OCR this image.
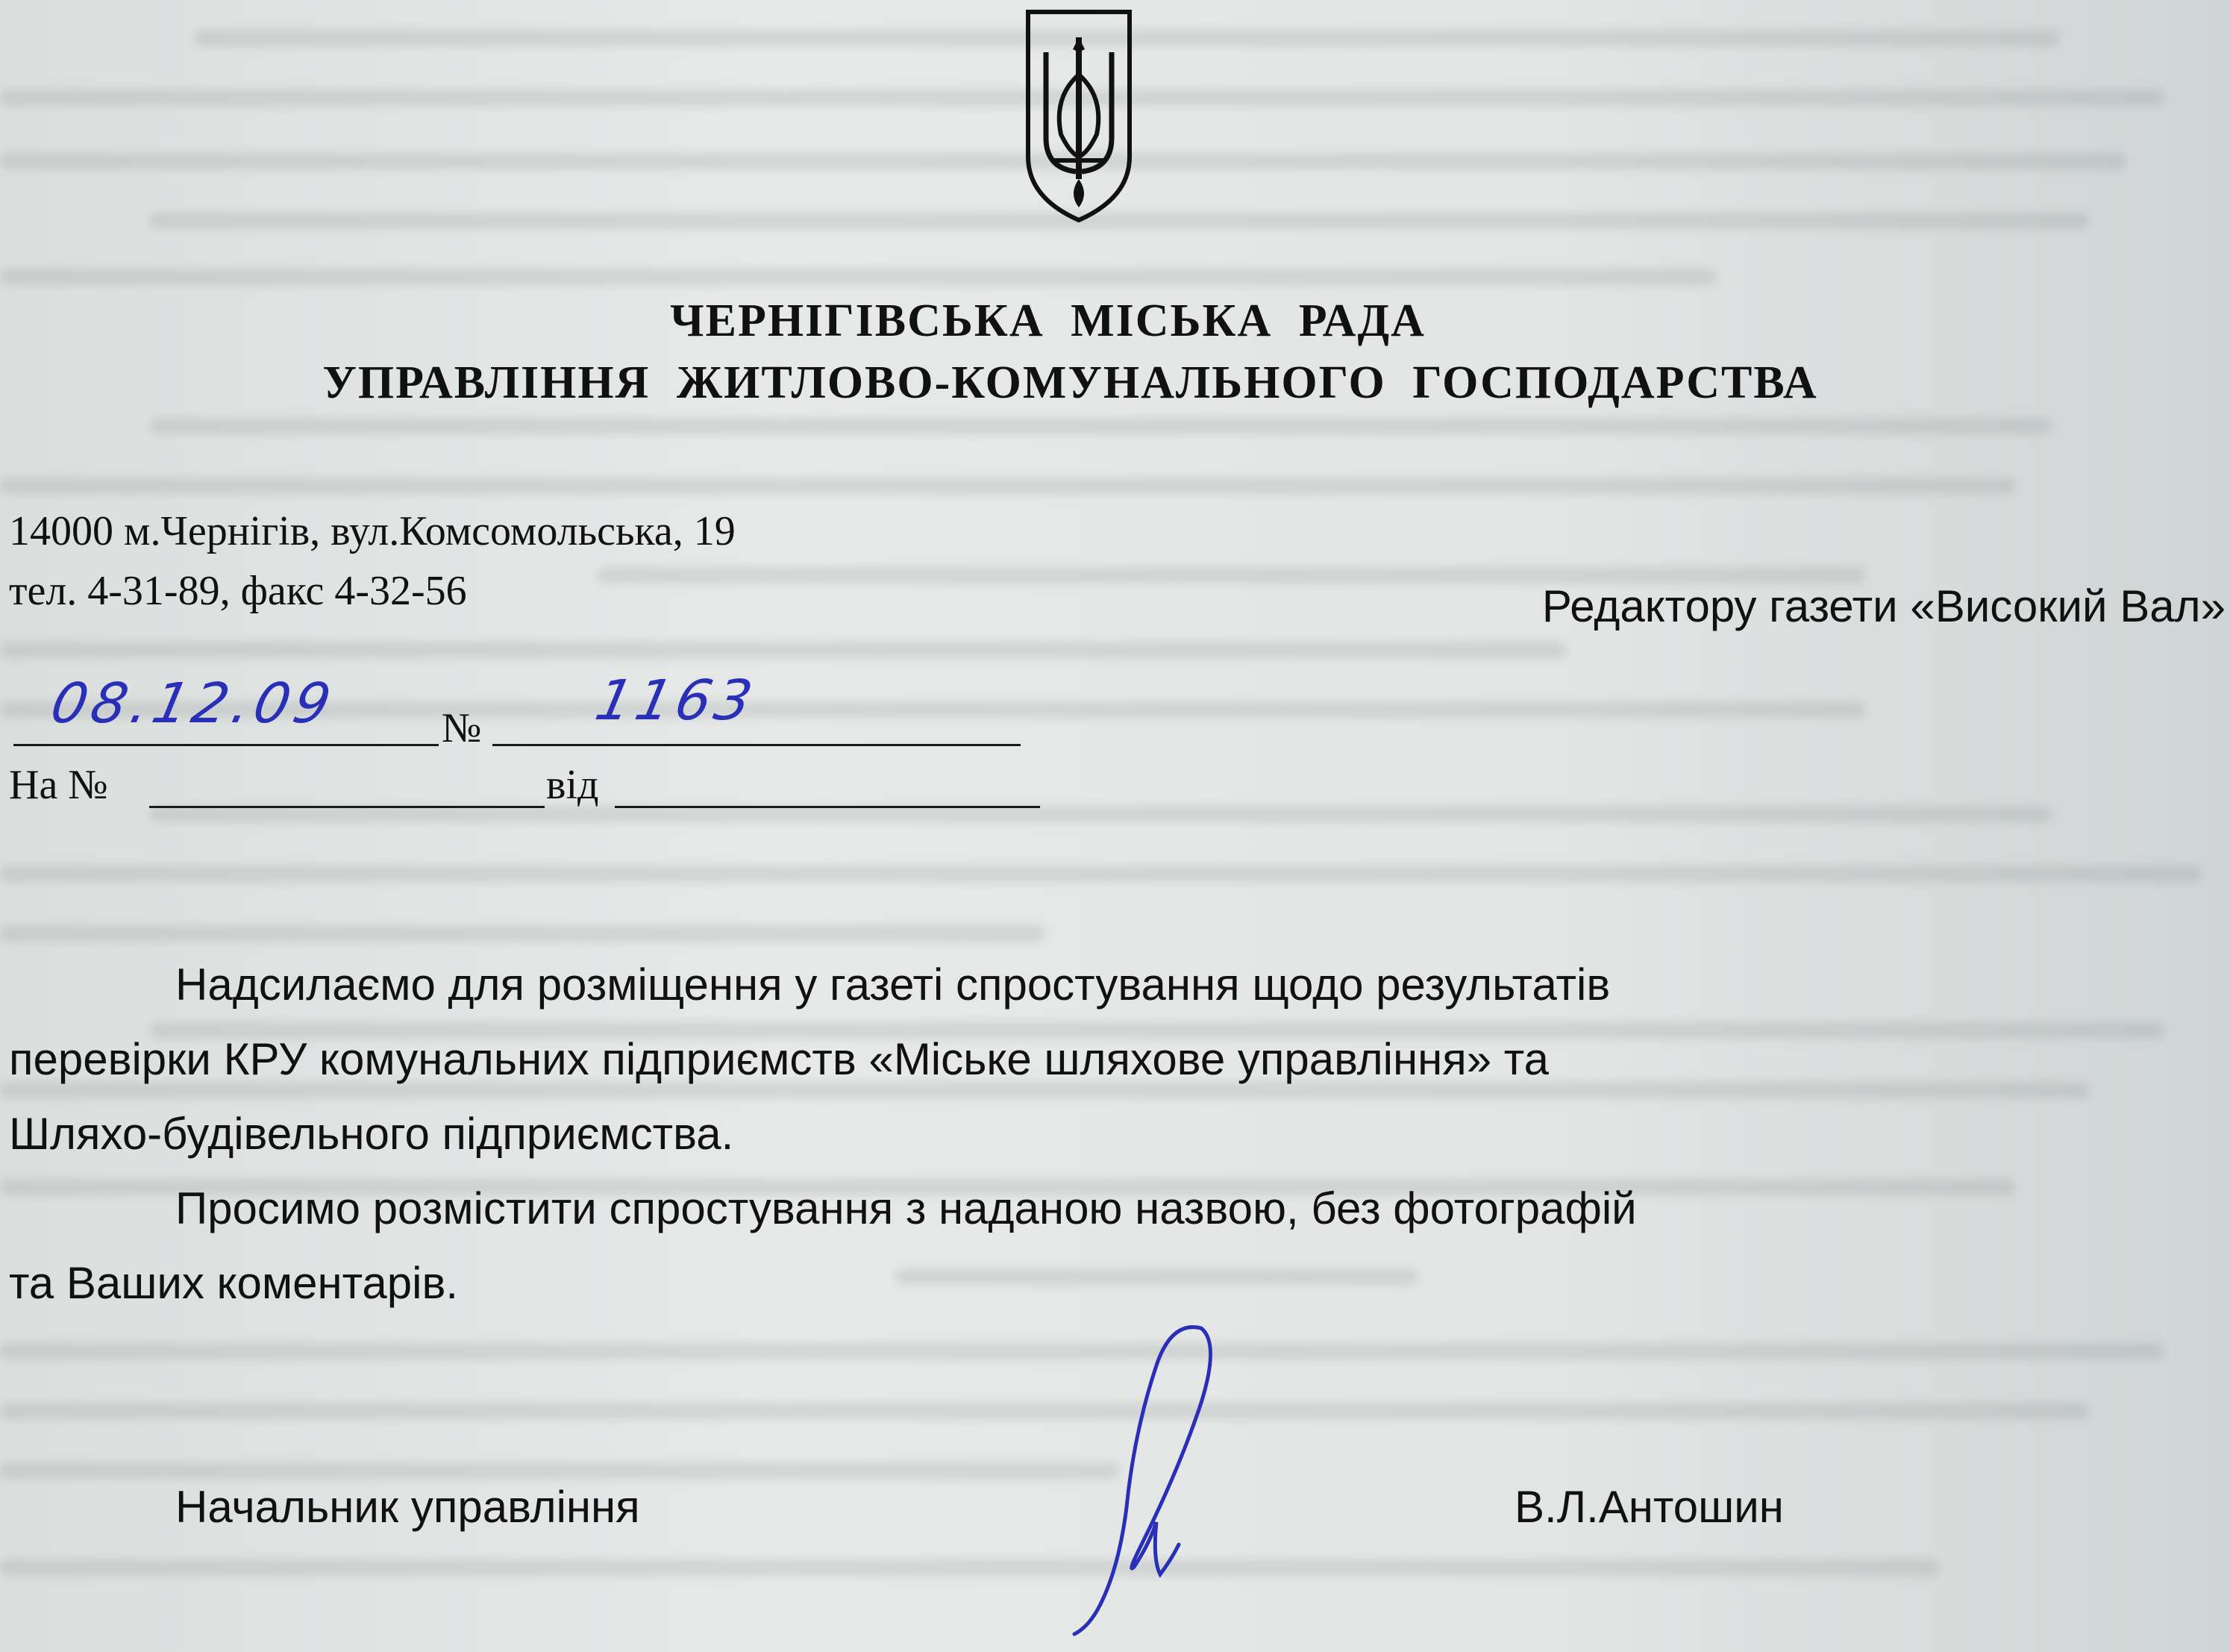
ЧЕРНІГІВСЬКА МІСЬКА РАДА
УПРАВЛІННЯ ЖИТЛОВО-КОМУНАЛЬНОГО ГОСПОДАРСТВА
14000 м.Чернігів, вул.Комсомольська, 19
тел. 4-31-89, факс 4-32-56	Редактору газети «Високий Вал»
08.12.09 № 1163
На №	від
Надсилаємо для розміщення у газеті спростування щодо результатів
перевірки КРУ комунальних підприємств «Міське шляхове управління» та
Шляхо-будівельного підприємства.
Просимо розмістити спростування з наданою назвою, без фотографій
та Ваших коментарів.
Начальник управління	В.Л.Антошин
